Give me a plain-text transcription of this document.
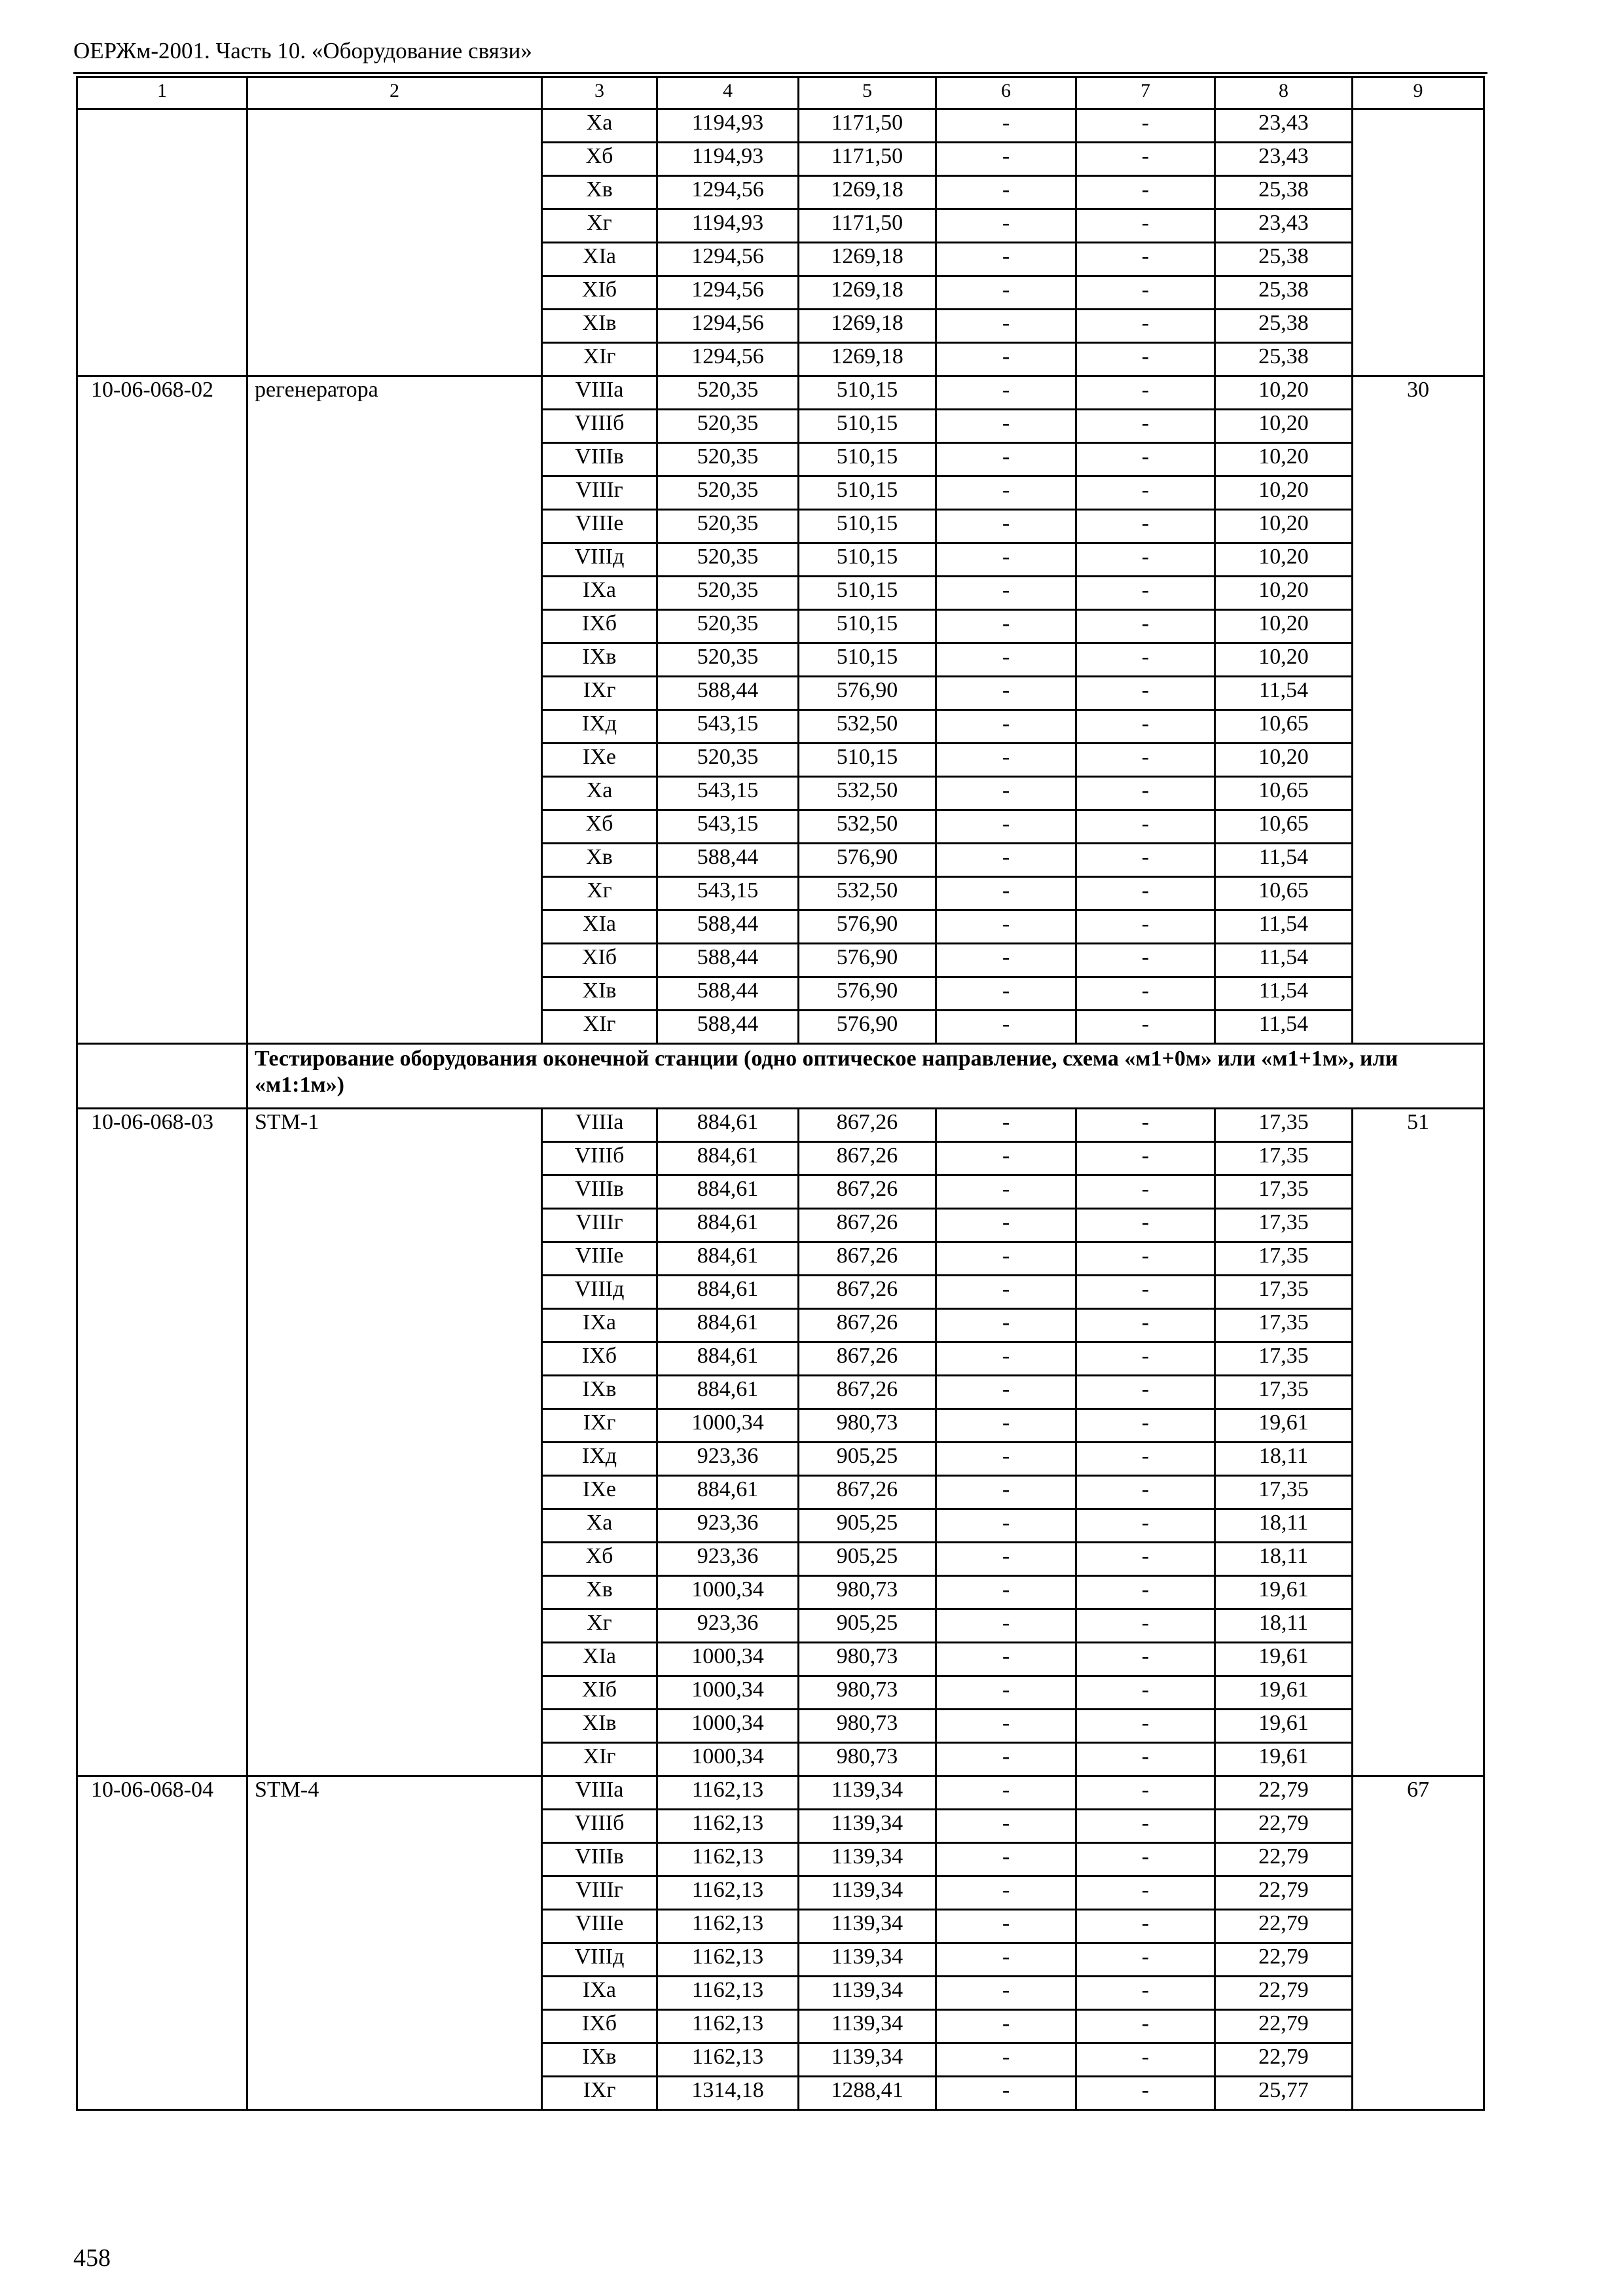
ОЕРЖм-2001. Часть 10. «Оборудование связи»
1	2	3	4	5	6	7	8	9
		Xа	1194,93	1171,50	-	-	23,43	
		Xб	1194,93	1171,50	-	-	23,43	
		Xв	1294,56	1269,18	-	-	25,38	
		Xг	1194,93	1171,50	-	-	23,43	
		XIа	1294,56	1269,18	-	-	25,38	
		XIб	1294,56	1269,18	-	-	25,38	
		XIв	1294,56	1269,18	-	-	25,38	
		XIг	1294,56	1269,18	-	-	25,38	
10-06-068-02	регенератора	VIIIа	520,35	510,15	-	-	10,20	30
		VIIIб	520,35	510,15	-	-	10,20	
		VIIIв	520,35	510,15	-	-	10,20	
		VIIIг	520,35	510,15	-	-	10,20	
		VIIIе	520,35	510,15	-	-	10,20	
		VIIIд	520,35	510,15	-	-	10,20	
		IXа	520,35	510,15	-	-	10,20	
		IXб	520,35	510,15	-	-	10,20	
		IXв	520,35	510,15	-	-	10,20	
		IXг	588,44	576,90	-	-	11,54	
		IXд	543,15	532,50	-	-	10,65	
		IXе	520,35	510,15	-	-	10,20	
		Xа	543,15	532,50	-	-	10,65	
		Xб	543,15	532,50	-	-	10,65	
		Xв	588,44	576,90	-	-	11,54	
		Xг	543,15	532,50	-	-	10,65	
		XIа	588,44	576,90	-	-	11,54	
		XIб	588,44	576,90	-	-	11,54	
		XIв	588,44	576,90	-	-	11,54	
		XIг	588,44	576,90	-	-	11,54	
	Тестирование оборудования оконечной станции (одно оптическое направление, схема «м1+0м» или «м1+1м», или «м1:1м»)							
10-06-068-03	STM-1	VIIIа	884,61	867,26	-	-	17,35	51
		VIIIб	884,61	867,26	-	-	17,35	
		VIIIв	884,61	867,26	-	-	17,35	
		VIIIг	884,61	867,26	-	-	17,35	
		VIIIе	884,61	867,26	-	-	17,35	
		VIIIд	884,61	867,26	-	-	17,35	
		IXа	884,61	867,26	-	-	17,35	
		IXб	884,61	867,26	-	-	17,35	
		IXв	884,61	867,26	-	-	17,35	
		IXг	1000,34	980,73	-	-	19,61	
		IXд	923,36	905,25	-	-	18,11	
		IXе	884,61	867,26	-	-	17,35	
		Xа	923,36	905,25	-	-	18,11	
		Xб	923,36	905,25	-	-	18,11	
		Xв	1000,34	980,73	-	-	19,61	
		Xг	923,36	905,25	-	-	18,11	
		XIа	1000,34	980,73	-	-	19,61	
		XIб	1000,34	980,73	-	-	19,61	
		XIв	1000,34	980,73	-	-	19,61	
		XIг	1000,34	980,73	-	-	19,61	
10-06-068-04	STM-4	VIIIа	1162,13	1139,34	-	-	22,79	67
		VIIIб	1162,13	1139,34	-	-	22,79	
		VIIIв	1162,13	1139,34	-	-	22,79	
		VIIIг	1162,13	1139,34	-	-	22,79	
		VIIIе	1162,13	1139,34	-	-	22,79	
		VIIIд	1162,13	1139,34	-	-	22,79	
		IXа	1162,13	1139,34	-	-	22,79	
		IXб	1162,13	1139,34	-	-	22,79	
		IXв	1162,13	1139,34	-	-	22,79	
		IXг	1314,18	1288,41	-	-	25,77	
458
